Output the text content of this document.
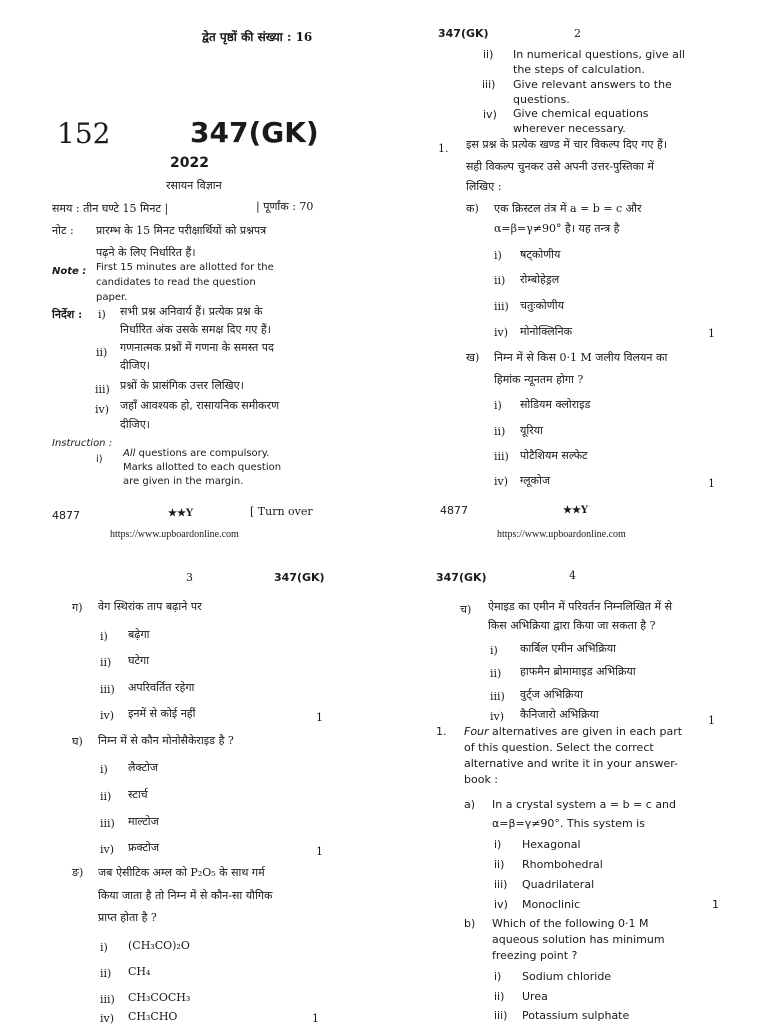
द्वेत पृष्ठों की संख्या : 16
152	347(GK)
2022
रसायन विज्ञान
समय : तीन घण्टे 15 मिनट |	| पूर्णांक : 70
नोट : प्रारम्भ के 15 मिनट परीक्षार्थियों को प्रश्नपत्र
पढ़ने के लिए निर्धारित हैं।
Note : First 15 minutes are allotted for the
candidates to read the question
paper.
निर्देश : i) सभी प्रश्न अनिवार्य हैं। प्रत्येक प्रश्न के
निर्धारित अंक उसके समक्ष दिए गए हैं।
ii) गणनात्मक प्रश्नों में गणना के समस्त पद
दीजिए।
iii) प्रश्नों के प्रासंगिक उत्तर लिखिए।
iv) जहाँ आवश्यक हो, रासायनिक समीकरण
दीजिए।
Instruction :
i)
All questions are compulsory.
Marks allotted to each question
are given in the margin.
4877	★★Y	[ Turn over
https://www.upboardonline.com
347(GK)	2
ii) In numerical questions, give all
the steps of calculation.
iii) Give relevant answers to the
questions.
iv) Give chemical equations
wherever necessary.
1. इस प्रश्न के प्रत्येक खण्ड में चार विकल्प दिए गए हैं।
सही विकल्प चुनकर उसे अपनी उत्तर-पुस्तिका में
लिखिए :
क) एक क्रिस्टल तंत्र में a = b = c और
α=β=γ≠90° है। यह तन्त्र है
i) षट्कोणीय
ii) रोम्बोहेड्रल
iii) चतुःकोणीय
iv) मोनोक्लिनिक	1
ख) निम्न में से किस 0·1 M जलीय विलयन का
हिमांक न्यूनतम होगा ?
i) सोडियम क्लोराइड
ii) यूरिया
iii) पोटैशियम सल्फेट
iv) ग्लूकोज	1
4877	★★Y
https://www.upboardonline.com
3	347(GK)
ग) वेग स्थिरांक ताप बढ़ाने पर
i) बढ़ेगा
ii) घटेगा
iii) अपरिवर्तित रहेगा
iv) इनमें से कोई नहीं	1
घ) निम्न में से कौन मोनोसैकेराइड है ?
i) लैक्टोज
ii) स्टार्च
iii) माल्टोज
iv) फ्रक्टोज	1
ङ) जब ऐसीटिक अम्ल को P₂O₅ के साथ गर्म
किया जाता है तो निम्न में से कौन-सा यौगिक
प्राप्त होता है ?
i) (CH₃CO)₂O
ii) CH₄
iii) CH₃COCH₃
iv) CH₃CHO	1
347(GK)	4
च) ऐमाइड का एमीन में परिवर्तन निम्नलिखित में से
किस अभिक्रिया द्वारा किया जा सकता है ?
i) कार्बिल एमीन अभिक्रिया
ii) हाफमैन ब्रोमामाइड अभिक्रिया
iii) वुर्ट्ज अभिक्रिया
iv) कैनिजारो अभिक्रिया	1
1. Four alternatives are given in each part
of this question. Select the correct
alternative and write it in your answer-
book :
a) In a crystal system a = b = c and
α=β=γ≠90°. This system is
i) Hexagonal
ii) Rhombohedral
iii) Quadrilateral
iv) Monoclinic	1
b) Which of the following 0·1 M
aqueous solution has minimum
freezing point ?
i) Sodium chloride
ii) Urea
iii) Potassium sulphate
